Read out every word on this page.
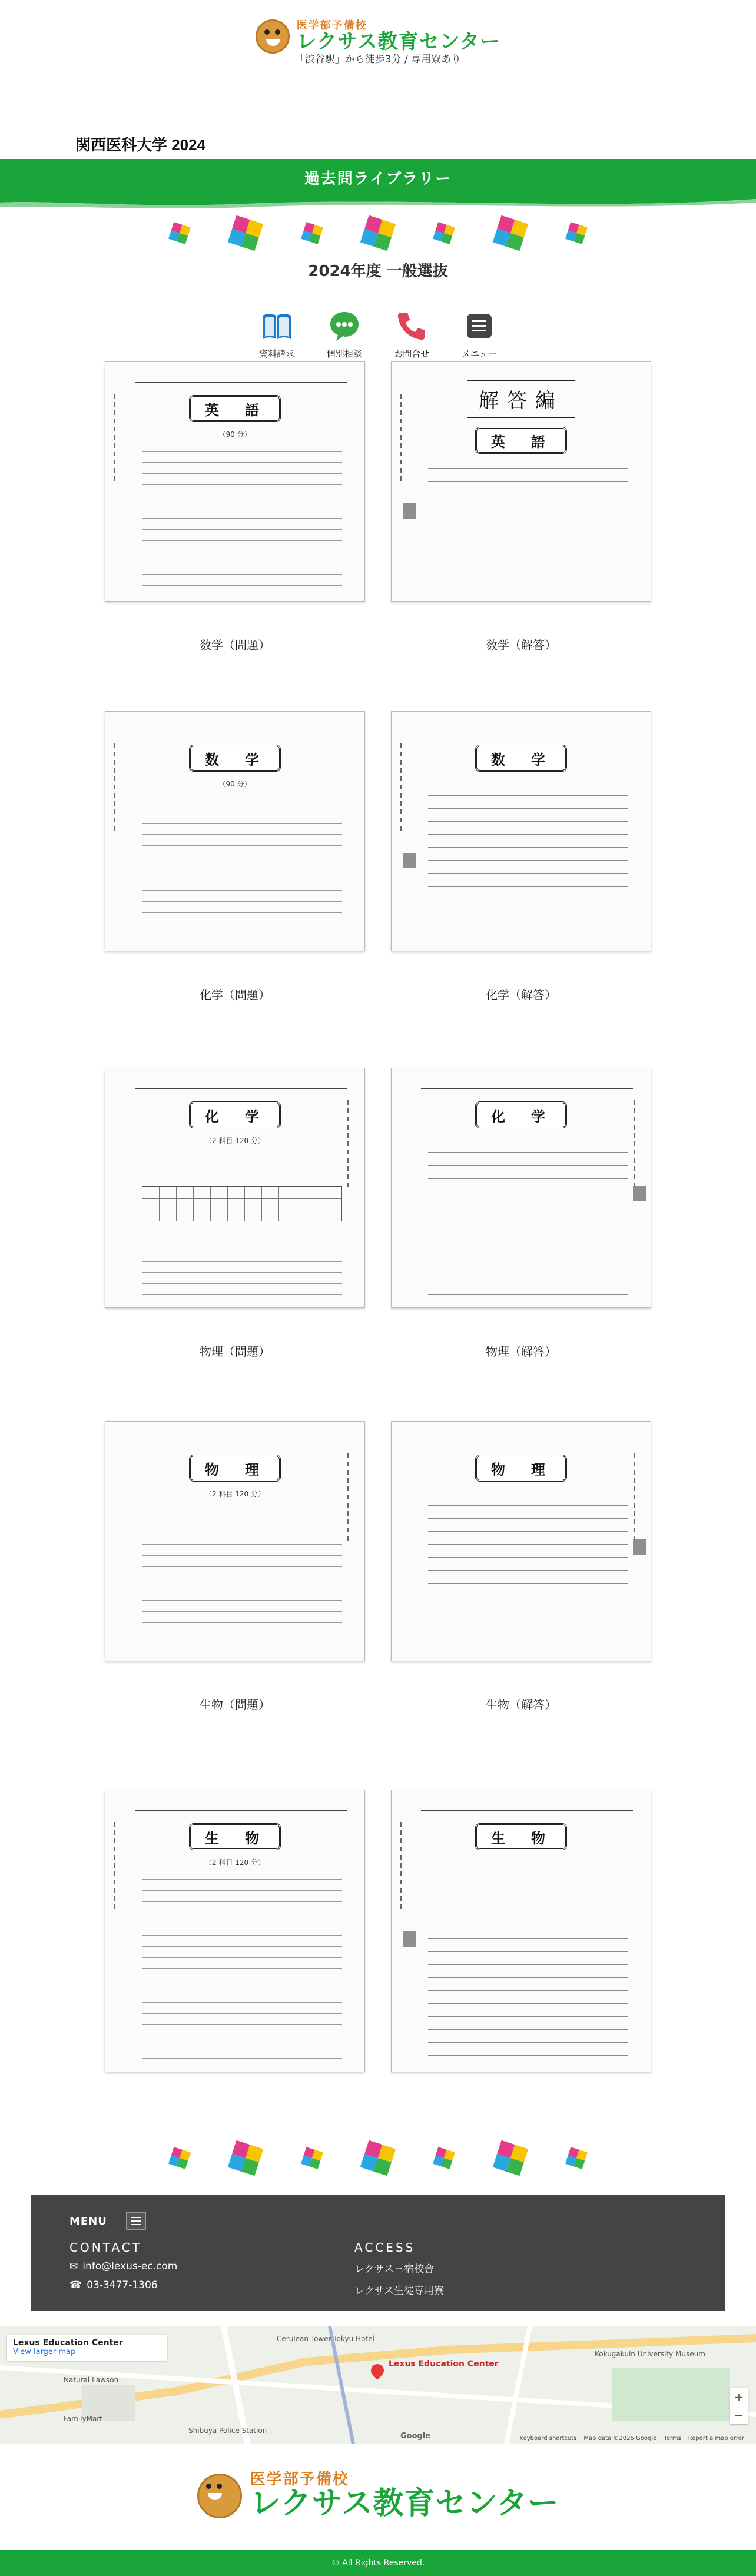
医学部予備校
レクサス教育センター
「渋谷駅」から徒歩3分 / 専用寮あり
関西医科大学 2024
過去問ライブラリー
2024年度 一般選抜
資料請求	個別相談	お問合せ	メニュー
英　語
（90 分）
数学（問題）
解答編
英　語
数学（解答）
数　学
（90 分）
化学（問題）
数　学
化学（解答）
化　学
（2 科目 120 分）
物理（問題）
化　学
物理（解答）
物　理
（2 科目 120 分）
生物（問題）
物　理
生物（解答）
生　物
（2 科目 120 分）
生　物
MENU
CONTACT
✉ info@lexus-ec.com
☎ 03-3477-1306
ACCESS
レクサス三宿校舎
レクサス生徒専用寮
Lexus Education Center
View larger map
Cerulean Tower Tokyu Hotel
Natural Lawson
Kokugakuin University Museum
FamilyMart
Shibuya Police Station
Lexus Education Center
+
−
Google	Keyboard shortcuts Map data ©2025 Google Terms Report a map error
医学部予備校
レクサス教育センター
© All Rights Reserved.
